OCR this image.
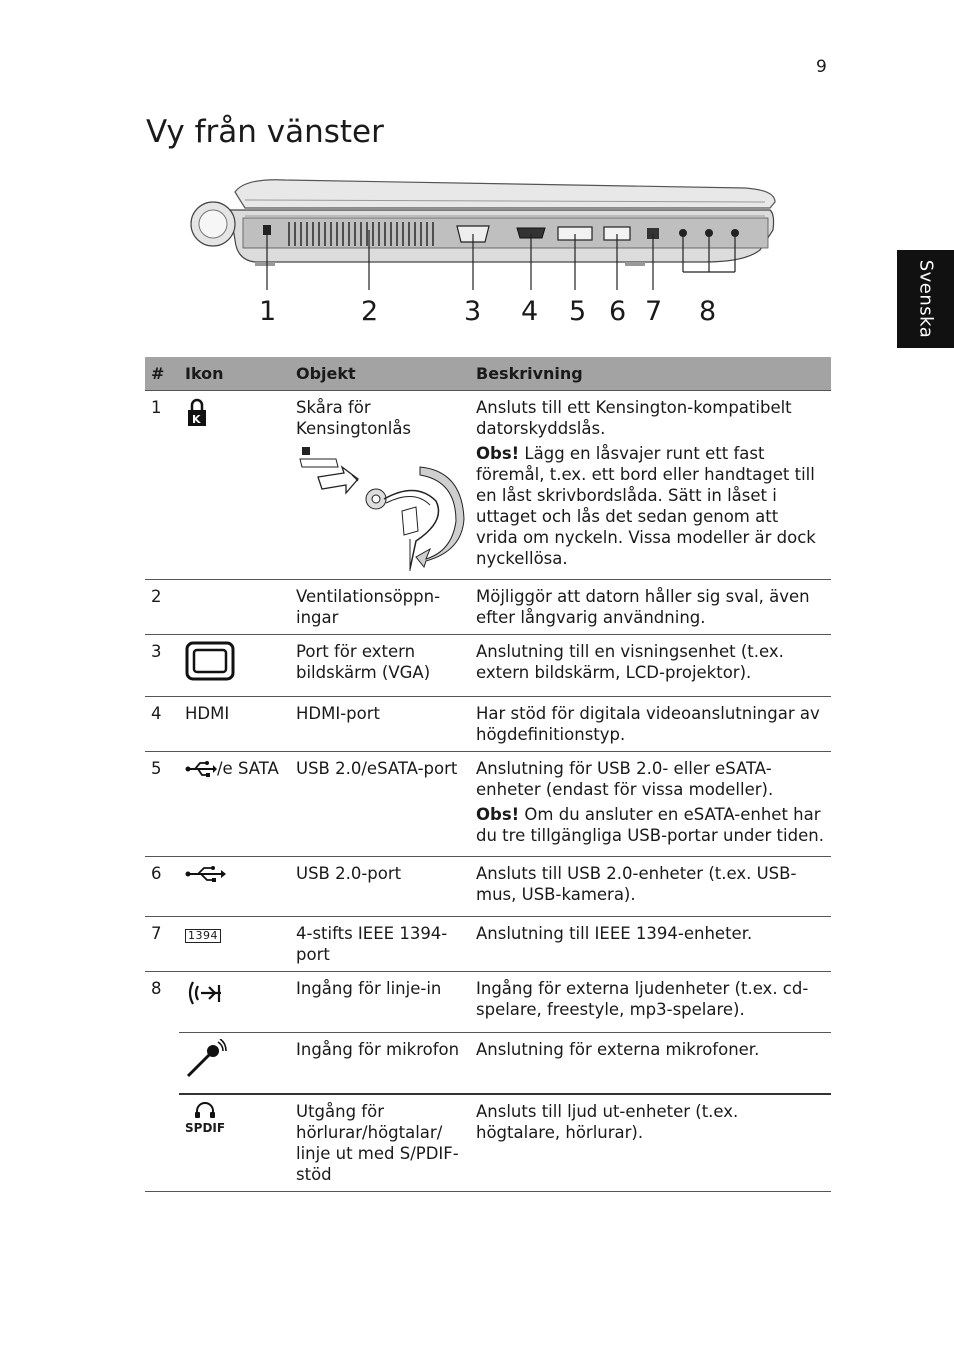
9
Vy från vänster
Svenska
1	2	3 4 5 6 7 8
#	Ikon	Objekt	Beskrivning
1	K	Skåra för Kensingtonlås	Ansluts till ett Kensington-kompatibelt datorskyddslås.

Obs! Lägg en låsvajer runt ett fast föremål, t.ex. ett bord eller handtaget till en låst skrivbordslåda. Sätt in låset i uttaget och lås det sedan genom att vrida om nyckeln. Vissa modeller är dock nyckellösa.

2		Ventilationsöppn-ingar	Möjliggör att datorn håller sig sval, även efter långvarig användning.
3		Port för extern bildskärm (VGA)	Anslutning till en visningsenhet (t.ex. extern bildskärm, LCD-projektor).
4	HDMI	HDMI-port	Har stöd för digitala videoanslutningar av högdefinitionstyp.
5	/e SATA	USB 2.0/eSATA-port	Anslutning för USB 2.0- eller eSATA-enheter (endast för vissa modeller).

Obs! Om du ansluter en eSATA-enhet har du tre tillgängliga USB-portar under tiden.

6		USB 2.0-port	Ansluts till USB 2.0-enheter (t.ex. USB-mus, USB-kamera).
7	1394	4-stifts IEEE 1394-port	Anslutning till IEEE 1394-enheter.
8		Ingång för linje-in	Ingång för externa ljudenheter (t.ex. cd-spelare, freestyle, mp3-spelare).
		Ingång för mikrofon	Anslutning för externa mikrofoner.

	SPDIF	Utgång för hörlurar/högtalar/ linje ut med S/PDIF-stöd	Ansluts till ljud ut-enheter (t.ex. högtalare, hörlurar).
